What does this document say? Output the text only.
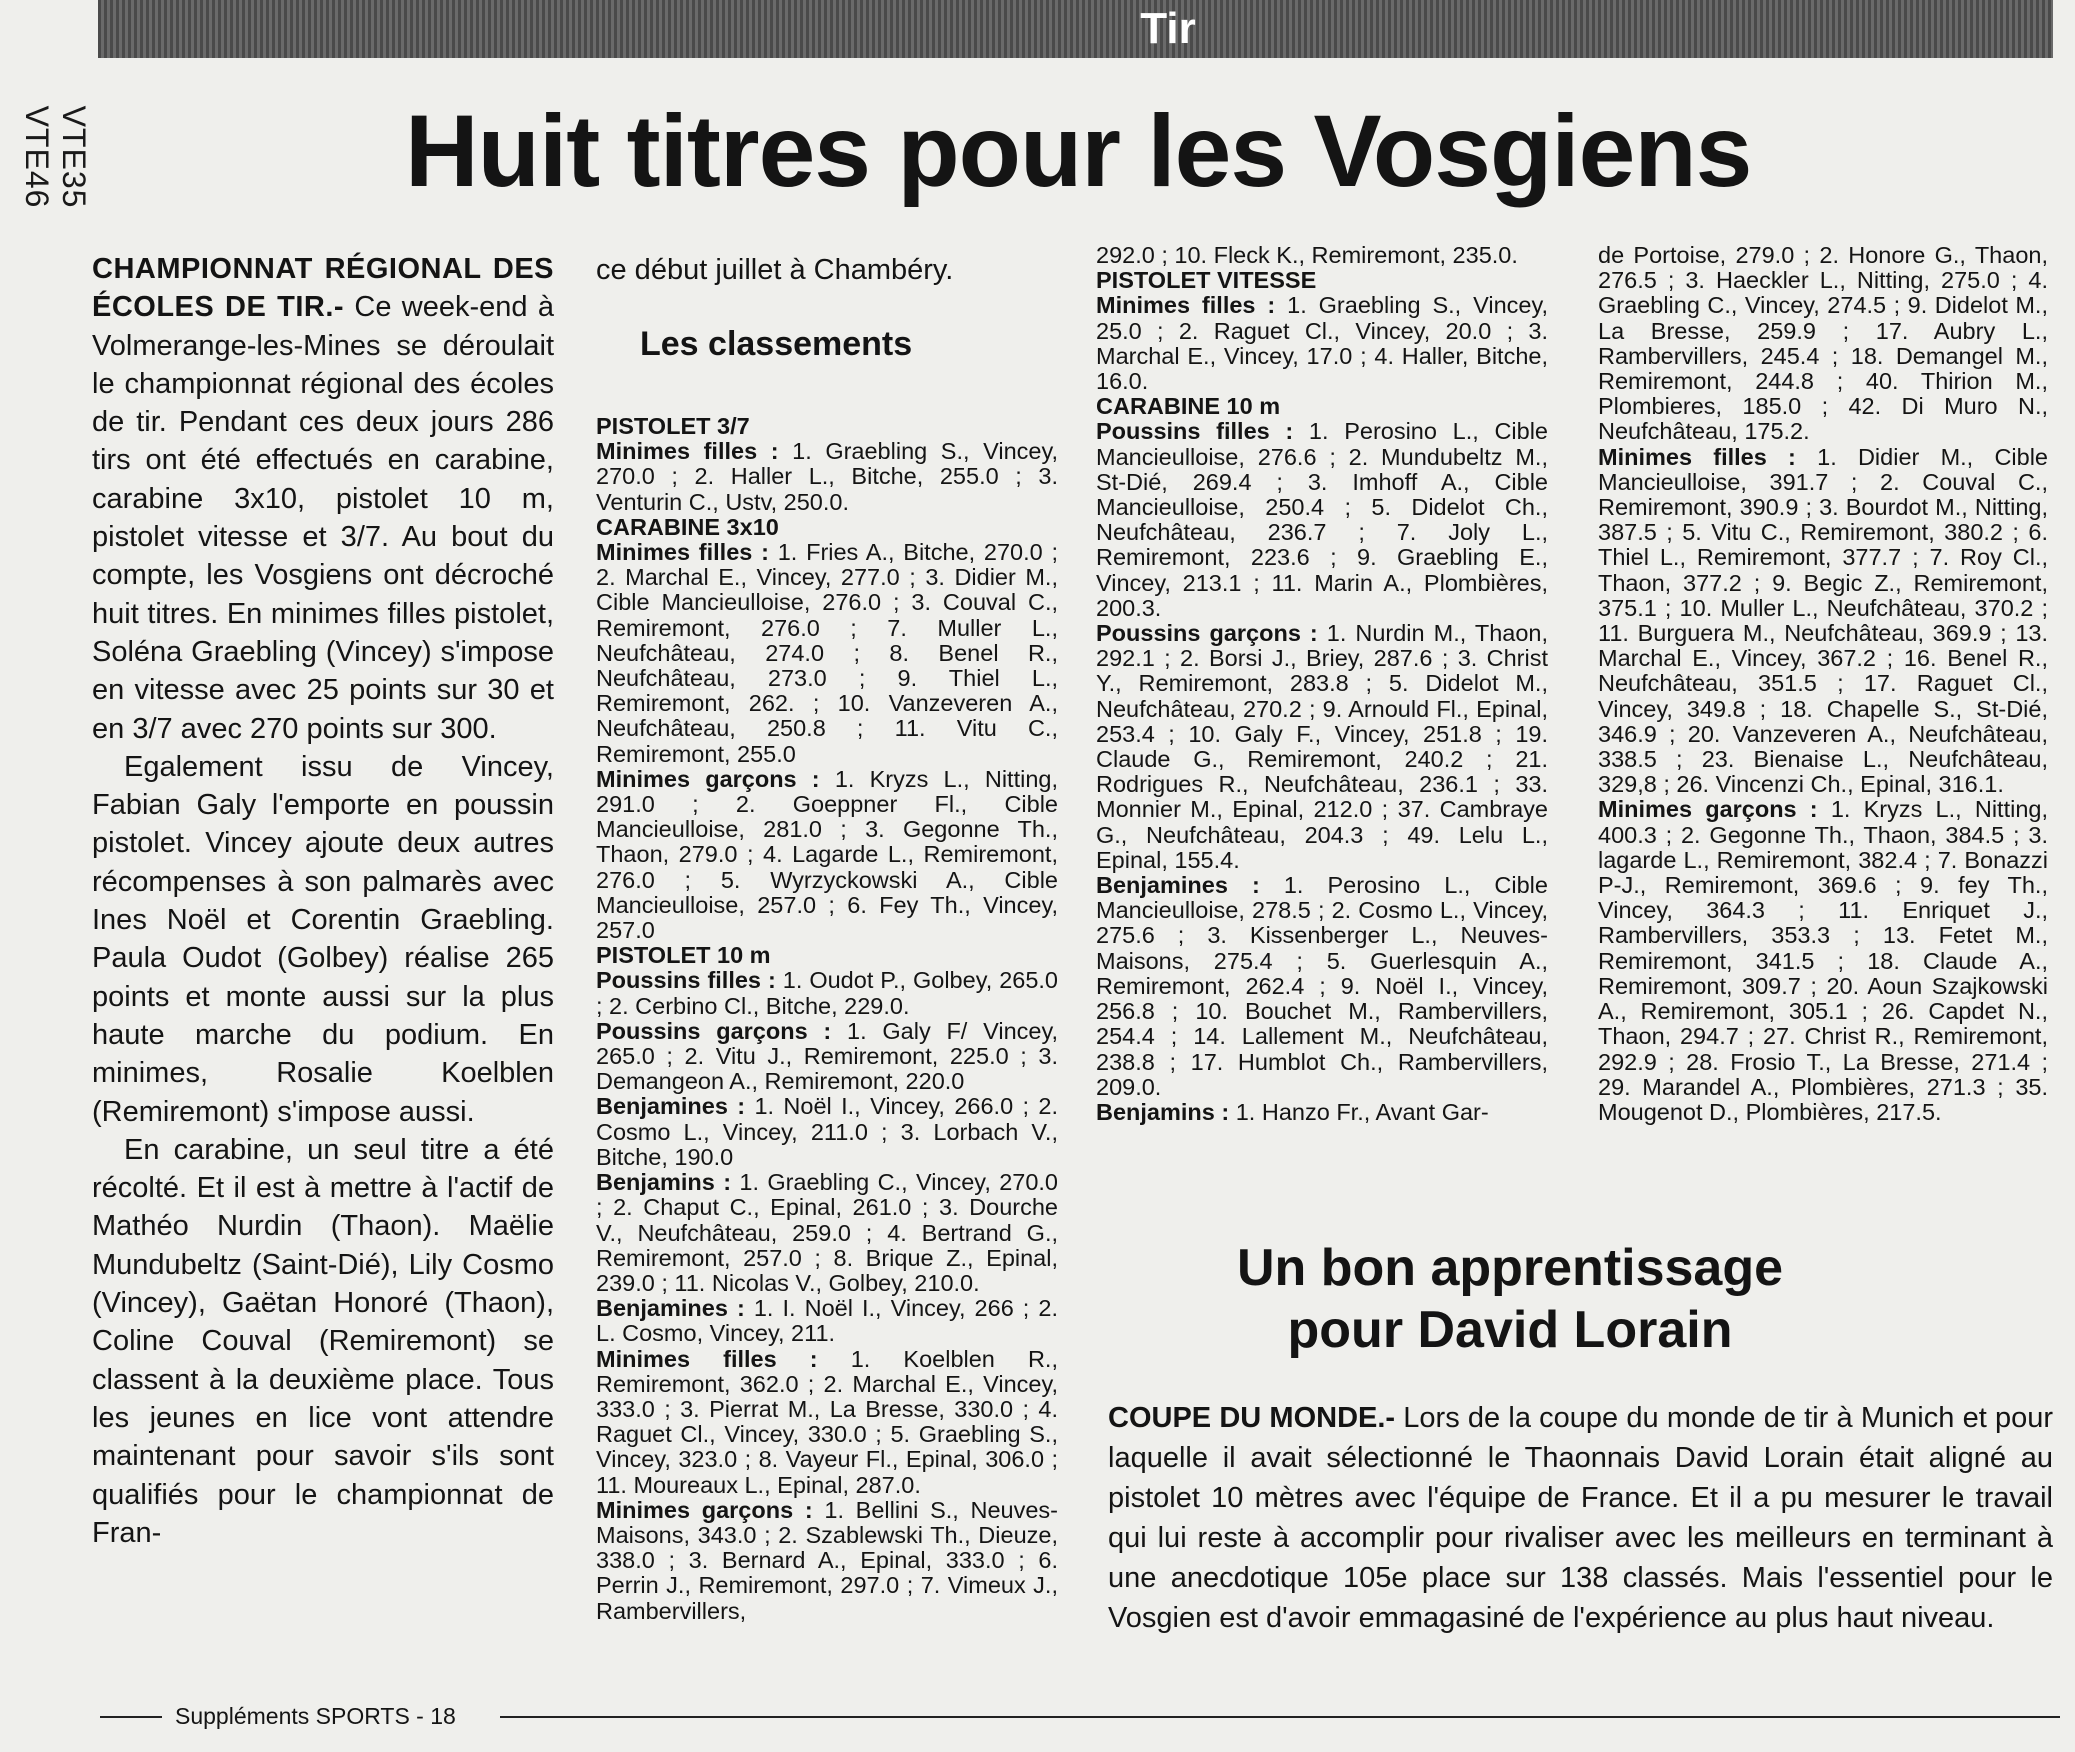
Tir
VTE35 VTE46	Huit titres pour les Vosgiens

CHAMPIONNAT RÉGIONAL DES ÉCOLES DE TIR.- Ce week-end à Volmerange-les-Mines se déroulait le championnat régional des écoles de tir. Pendant ces deux jours 286 tirs ont été effectués en carabine, carabine 3x10, pistolet 10 m, pistolet vitesse et 3/7. Au bout du compte, les Vosgiens ont décroché huit titres. En minimes filles pistolet, Soléna Graebling (Vincey) s'impose en vitesse avec 25 points sur 30 et en 3/7 avec 270 points sur 300.

Egalement issu de Vincey, Fabian Galy l'emporte en poussin pistolet. Vincey ajoute deux autres récompenses à son palmarès avec Ines Noël et Corentin Graebling. Paula Oudot (Golbey) réalise 265 points et monte aussi sur la plus haute marche du podium. En minimes, Rosalie Koelblen (Remiremont) s'impose aussi.

En carabine, un seul titre a été récolté. Et il est à mettre à l'actif de Mathéo Nurdin (Thaon). Maëlie Mundubeltz (Saint-Dié), Lily Cosmo (Vincey), Gaëtan Honoré (Thaon), Coline Couval (Remiremont) se classent à la deuxième place. Tous les jeunes en lice vont attendre maintenant pour savoir s'ils sont qualifiés pour le championnat de Fran-

ce début juillet à Chambéry.
Les classements

PISTOLET 3/7

Minimes filles : 1. Graebling S., Vincey, 270.0 ; 2. Haller L., Bitche, 255.0 ; 3. Venturin C., Ustv, 250.0.

CARABINE 3x10

Minimes filles : 1. Fries A., Bitche, 270.0 ; 2. Marchal E., Vincey, 277.0 ; 3. Didier M., Cible Mancieulloise, 276.0 ; 3. Couval C., Remiremont, 276.0 ; 7. Muller L., Neufchâteau, 274.0 ; 8. Benel R., Neufchâteau, 273.0 ; 9. Thiel L., Remiremont, 262. ; 10. Vanzeveren A., Neufchâteau, 250.8 ; 11. Vitu C., Remiremont, 255.0

Minimes garçons : 1. Kryzs L., Nitting, 291.0 ; 2. Goeppner Fl., Cible Mancieulloise, 281.0 ; 3. Gegonne Th., Thaon, 279.0 ; 4. Lagarde L., Remiremont, 276.0 ; 5. Wyrzyckowski A., Cible Mancieulloise, 257.0 ; 6. Fey Th., Vincey, 257.0

PISTOLET 10 m

Poussins filles : 1. Oudot P., Golbey, 265.0 ; 2. Cerbino Cl., Bitche, 229.0.

Poussins garçons : 1. Galy F/ Vincey, 265.0 ; 2. Vitu J., Remiremont, 225.0 ; 3. Demangeon A., Remiremont, 220.0

Benjamines : 1. Noël I., Vincey, 266.0 ; 2. Cosmo L., Vincey, 211.0 ; 3. Lorbach V., Bitche, 190.0

Benjamins : 1. Graebling C., Vincey, 270.0 ; 2. Chaput C., Epinal, 261.0 ; 3. Dourche V., Neufchâteau, 259.0 ; 4. Bertrand G., Remiremont, 257.0 ; 8. Brique Z., Epinal, 239.0 ; 11. Nicolas V., Golbey, 210.0.

Benjamines : 1. I. Noël I., Vincey, 266 ; 2. L. Cosmo, Vincey, 211.

Minimes filles : 1. Koelblen R., Remiremont, 362.0 ; 2. Marchal E., Vincey, 333.0 ; 3. Pierrat M., La Bresse, 330.0 ; 4. Raguet Cl., Vincey, 330.0 ; 5. Graebling S., Vincey, 323.0 ; 8. Vayeur Fl., Epinal, 306.0 ; 11. Moureaux L., Epinal, 287.0.

Minimes garçons : 1. Bellini S., Neuves-Maisons, 343.0 ; 2. Szablewski Th., Dieuze, 338.0 ; 3. Bernard A., Epinal, 333.0 ; 6. Perrin J., Remiremont, 297.0 ; 7. Vimeux J., Rambervillers,

292.0 ; 10. Fleck K., Remiremont, 235.0.

PISTOLET VITESSE

Minimes filles : 1. Graebling S., Vincey, 25.0 ; 2. Raguet Cl., Vincey, 20.0 ; 3. Marchal E., Vincey, 17.0 ; 4. Haller, Bitche, 16.0.

CARABINE 10 m

Poussins filles : 1. Perosino L., Cible Mancieulloise, 276.6 ; 2. Mundubeltz M., St-Dié, 269.4 ; 3. Imhoff A., Cible Mancieulloise, 250.4 ; 5. Didelot Ch., Neufchâteau, 236.7 ; 7. Joly L., Remiremont, 223.6 ; 9. Graebling E., Vincey, 213.1 ; 11. Marin A., Plombières, 200.3.

Poussins garçons : 1. Nurdin M., Thaon, 292.1 ; 2. Borsi J., Briey, 287.6 ; 3. Christ Y., Remiremont, 283.8 ; 5. Didelot M., Neufchâteau, 270.2 ; 9. Arnould Fl., Epinal, 253.4 ; 10. Galy F., Vincey, 251.8 ; 19. Claude G., Remiremont, 240.2 ; 21. Rodrigues R., Neufchâteau, 236.1 ; 33. Monnier M., Epinal, 212.0 ; 37. Cambraye G., Neufchâteau, 204.3 ; 49. Lelu L., Epinal, 155.4.

Benjamines : 1. Perosino L., Cible Mancieulloise, 278.5 ; 2. Cosmo L., Vincey, 275.6 ; 3. Kissenberger L., Neuves-Maisons, 275.4 ; 5. Guerlesquin A., Remiremont, 262.4 ; 9. Noël I., Vincey, 256.8 ; 10. Bouchet M., Rambervillers, 254.4 ; 14. Lallement M., Neufchâteau, 238.8 ; 17. Humblot Ch., Rambervillers, 209.0.

Benjamins : 1. Hanzo Fr., Avant Gar-

de Portoise, 279.0 ; 2. Honore G., Thaon, 276.5 ; 3. Haeckler L., Nitting, 275.0 ; 4. Graebling C., Vincey, 274.5 ; 9. Didelot M., La Bresse, 259.9 ; 17. Aubry L., Rambervillers, 245.4 ; 18. Demangel M., Remiremont, 244.8 ; 40. Thirion M., Plombieres, 185.0 ; 42. Di Muro N., Neufchâteau, 175.2.

Minimes filles : 1. Didier M., Cible Mancieulloise, 391.7 ; 2. Couval C., Remiremont, 390.9 ; 3. Bourdot M., Nitting, 387.5 ; 5. Vitu C., Remiremont, 380.2 ; 6. Thiel L., Remiremont, 377.7 ; 7. Roy Cl., Thaon, 377.2 ; 9. Begic Z., Remiremont, 375.1 ; 10. Muller L., Neufchâteau, 370.2 ; 11. Burguera M., Neufchâteau, 369.9 ; 13. Marchal E., Vincey, 367.2 ; 16. Benel R., Neufchâteau, 351.5 ; 17. Raguet Cl., Vincey, 349.8 ; 18. Chapelle S., St-Dié, 346.9 ; 20. Vanzeveren A., Neufchâteau, 338.5 ; 23. Bienaise L., Neufchâteau, 329,8 ; 26. Vincenzi Ch., Epinal, 316.1.

Minimes garçons : 1. Kryzs L., Nitting, 400.3 ; 2. Gegonne Th., Thaon, 384.5 ; 3. lagarde L., Remiremont, 382.4 ; 7. Bonazzi P-J., Remiremont, 369.6 ; 9. fey Th., Vincey, 364.3 ; 11. Enriquet J., Rambervillers, 353.3 ; 13. Fetet M., Remiremont, 341.5 ; 18. Claude A., Remiremont, 309.7 ; 20. Aoun Szajkowski A., Remiremont, 305.1 ; 26. Capdet N., Thaon, 294.7 ; 27. Christ R., Remiremont, 292.9 ; 28. Frosio T., La Bresse, 271.4 ; 29. Marandel A., Plombières, 271.3 ; 35. Mougenot D., Plombières, 217.5.

Un bon apprentissage
pour David Lorain
COUPE DU MONDE.- Lors de la coupe du monde de tir à Munich et pour laquelle il avait sélectionné le Thaonnais David Lorain était aligné au pistolet 10 mètres avec l'équipe de France. Et il a pu mesurer le travail qui lui reste à accomplir pour rivaliser avec les meilleurs en terminant à une anecdotique 105e place sur 138 classés. Mais l'essentiel pour le Vosgien est d'avoir emmagasiné de l'expérience au plus haut niveau.
Suppléments SPORTS - 18
